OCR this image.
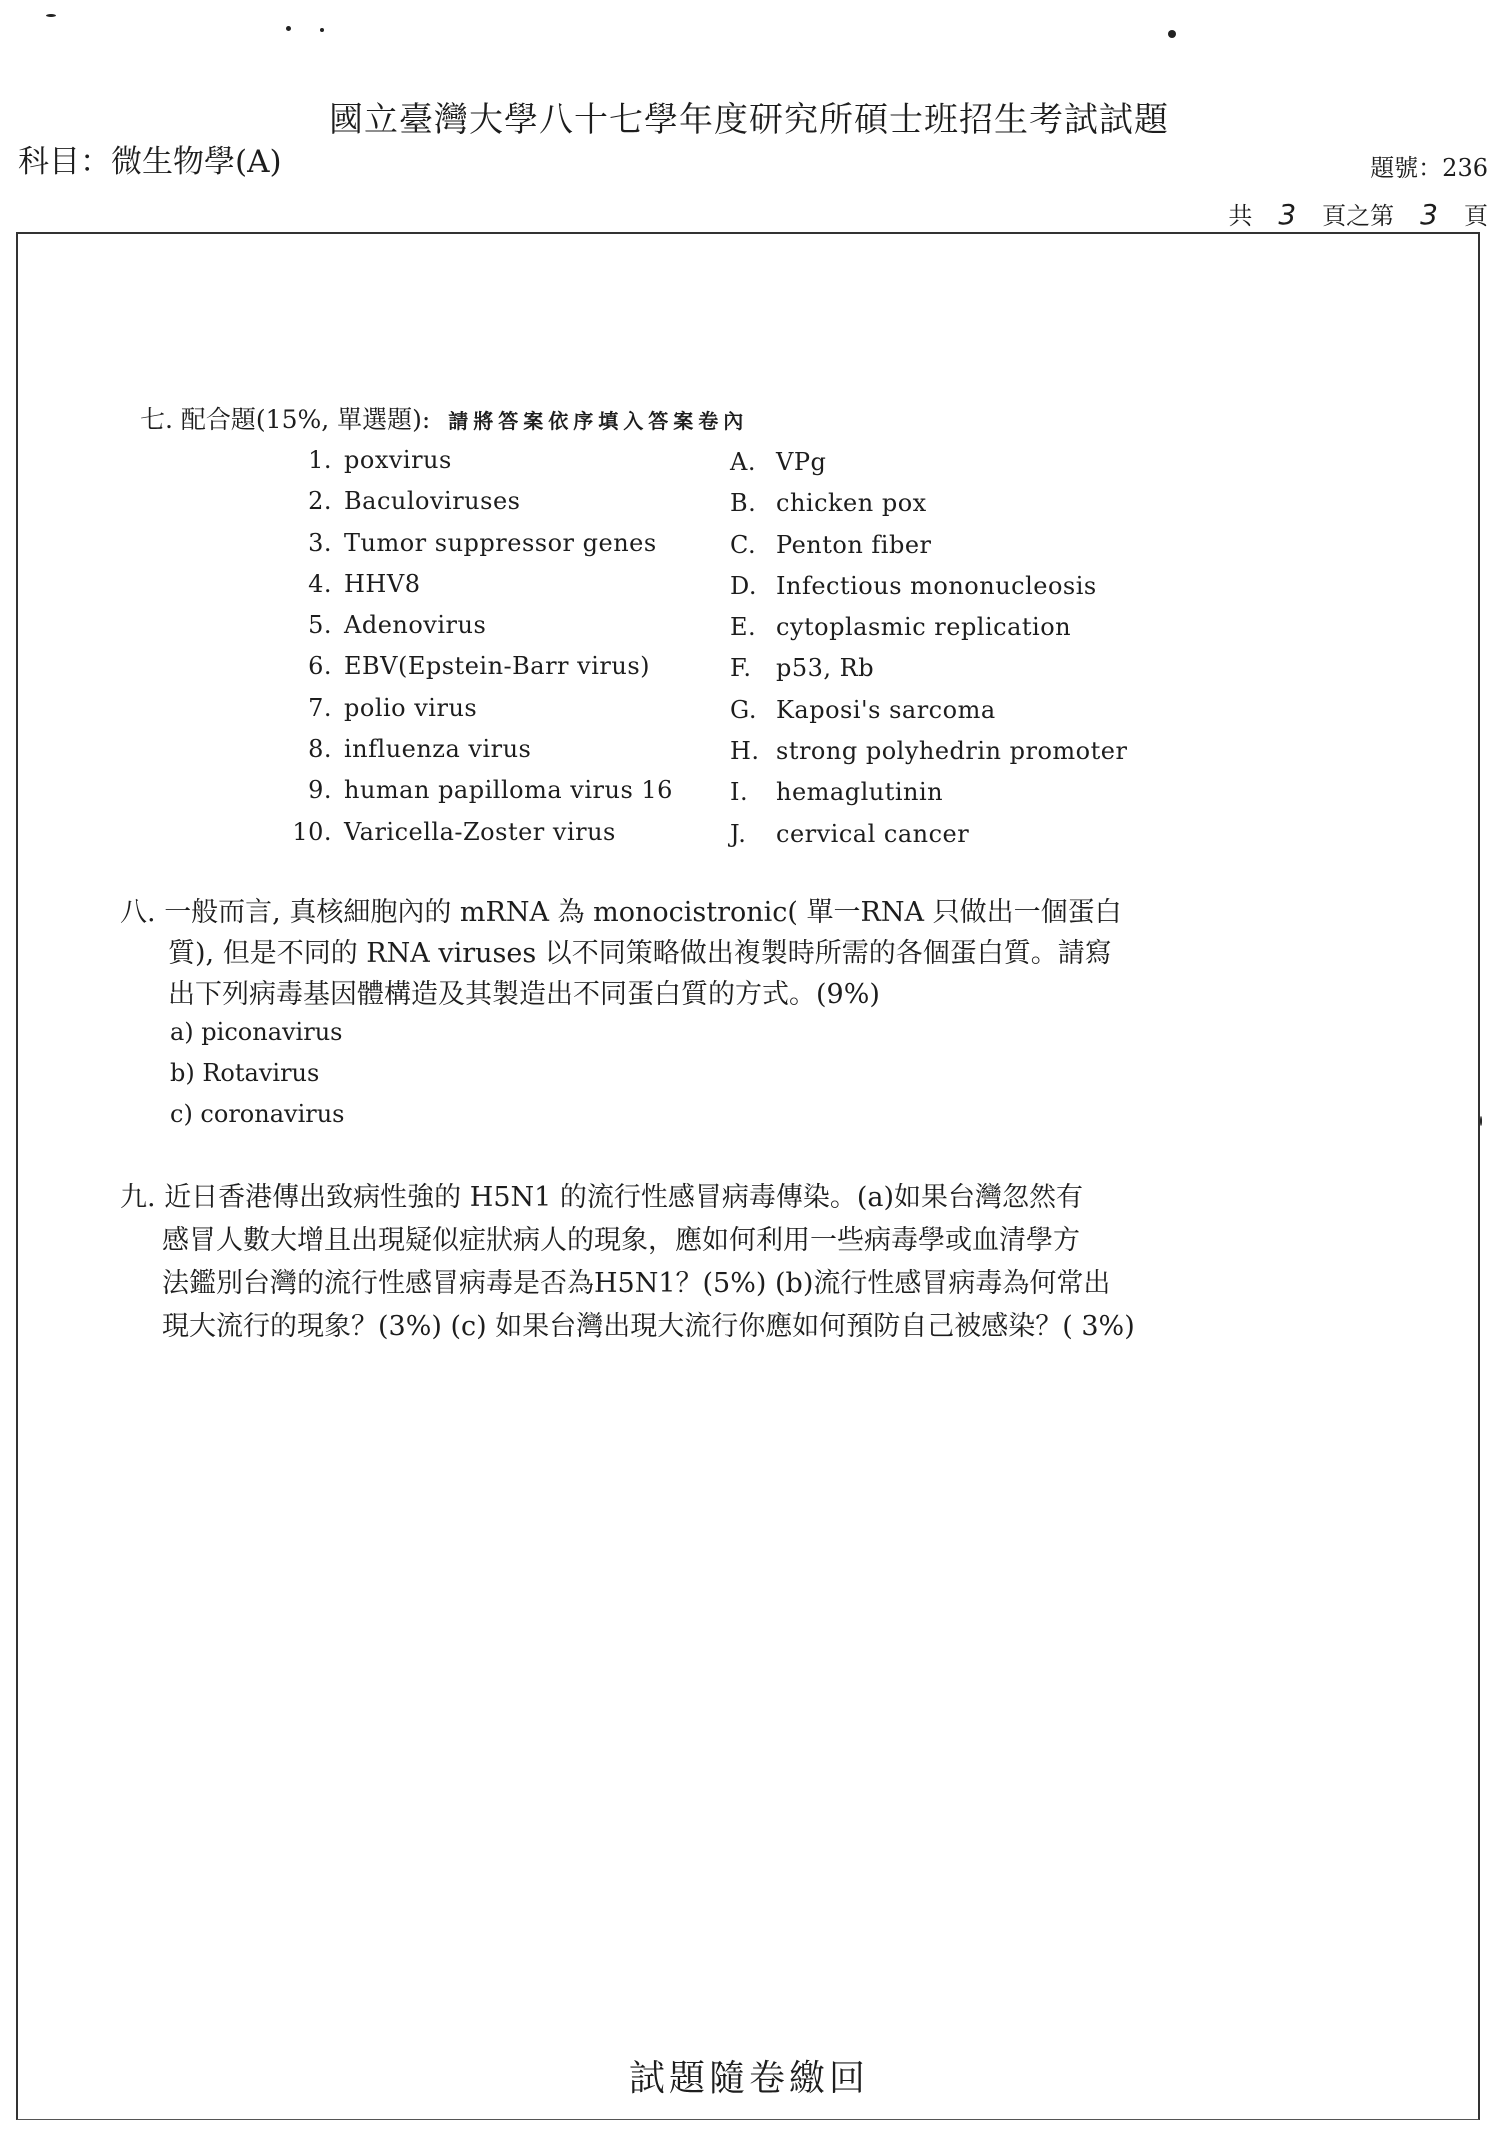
國立臺灣大學八十七學年度研究所碩士班招生考試試題
科目：微生物學(A)	題號：236
共 3 頁之第 3 頁
七. 配合題(15%, 單選題): 請將答案依序填入答案卷內
1. poxvirus
2. Baculoviruses
3. Tumor suppressor genes
4. HHV8
5. Adenovirus
6. EBV(Epstein-Barr virus)
7. polio virus
8. influenza virus
9. human papilloma virus 16
10. Varicella-Zoster virus
A. VPg
B. chicken pox
C. Penton fiber
D. Infectious mononucleosis
E. cytoplasmic replication
F. p53, Rb
G. Kaposi's sarcoma
H. strong polyhedrin promoter
I. hemaglutinin
J. cervical cancer
八. 一般而言, 真核細胞內的 mRNA 為 monocistronic( 單一RNA 只做出一個蛋白
質), 但是不同的 RNA viruses 以不同策略做出複製時所需的各個蛋白質。請寫
出下列病毒基因體構造及其製造出不同蛋白質的方式。(9%)
a) piconavirus
b) Rotavirus
c) coronavirus
九. 近日香港傳出致病性強的 H5N1 的流行性感冒病毒傳染。(a)如果台灣忽然有
感冒人數大增且出現疑似症狀病人的現象，應如何利用一些病毒學或血清學方
法鑑別台灣的流行性感冒病毒是否為H5N1？(5%) (b)流行性感冒病毒為何常出
現大流行的現象？(3%) (c) 如果台灣出現大流行你應如何預防自己被感染？( 3%)
試題隨卷繳回
